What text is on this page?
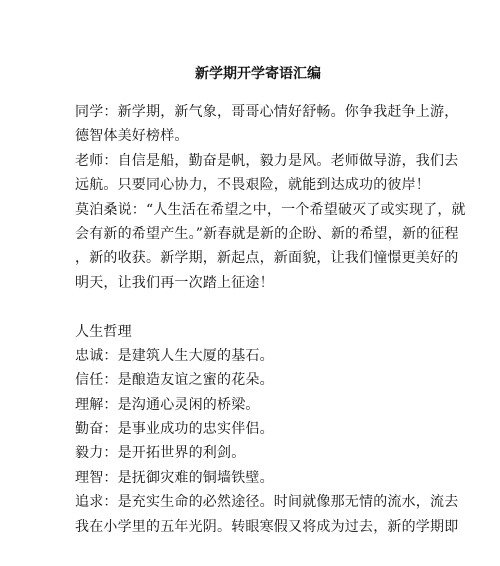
新学期开学寄语汇编
同学：新学期，新气象，哥哥心情好舒畅。你争我赶争上游，
德智体美好榜样。
老师：自信是船，勤奋是帆，毅力是风。老师做导游，我们去
远航。只要同心协力，不畏艰险，就能到达成功的彼岸！
莫泊桑说：“人生活在希望之中，一个希望破灭了或实现了，就
会有新的希望产生。”新春就是新的企盼、新的希望，新的征程
，新的收获。新学期，新起点，新面貌，让我们憧憬更美好的
明天，让我们再一次踏上征途！
人生哲理
忠诚：是建筑人生大厦的基石。
信任：是酿造友谊之蜜的花朵。
理解：是沟通心灵闲的桥梁。
勤奋：是事业成功的忠实伴侣。
毅力：是开拓世界的利剑。
理智：是抚御灾难的铜墙铁壁。
追求：是充实生命的必然途径。时间就像那无情的流水，流去
我在小学里的五年光阴。转眼寒假又将成为过去，新的学期即
